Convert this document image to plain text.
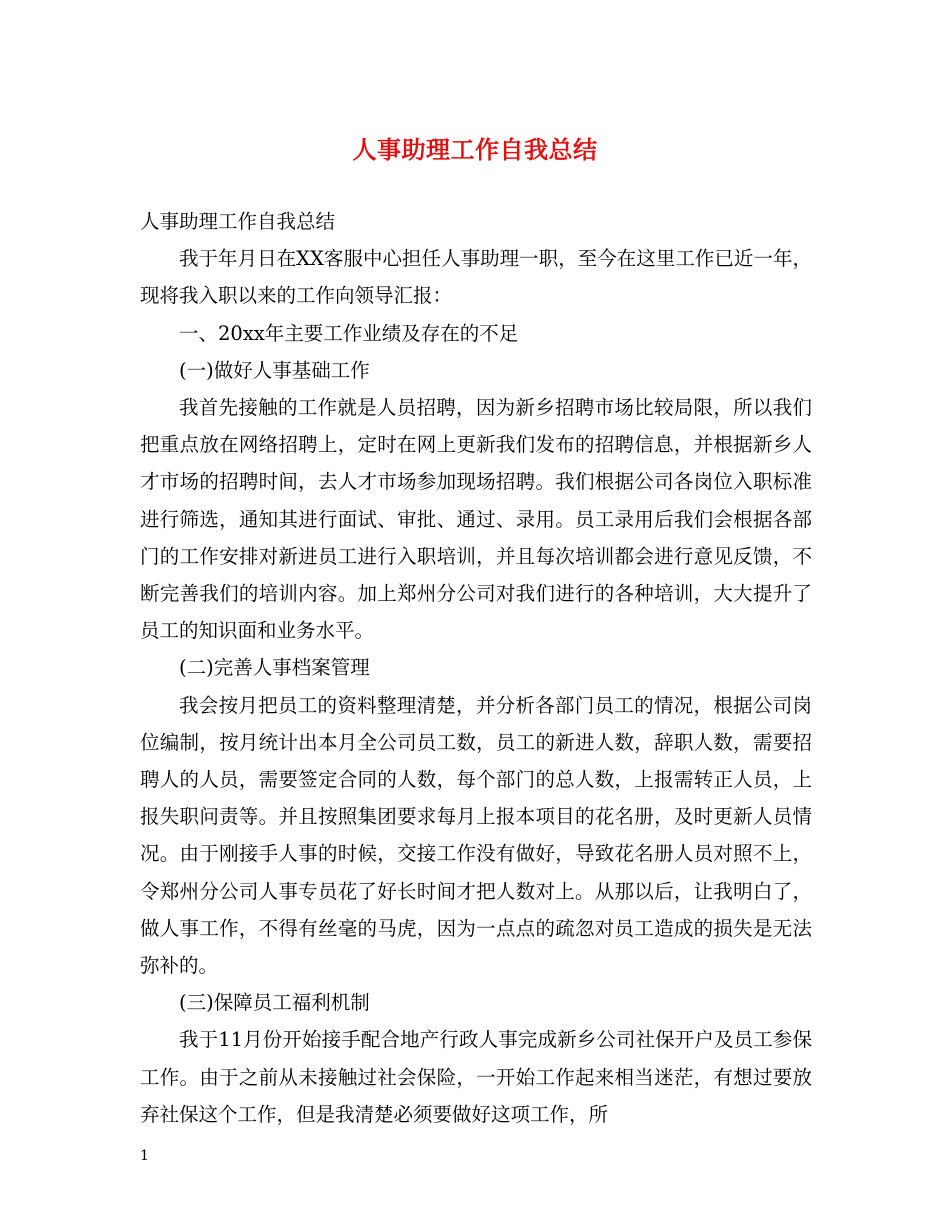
人事助理工作自我总结

人事助理工作自我总结

我于年月日在XX客服中心担任人事助理一职，至今在这里工作已近一年，现将我入职以来的工作向领导汇报：

一、20xx年主要工作业绩及存在的不足

(一)做好人事基础工作

我首先接触的工作就是人员招聘，因为新乡招聘市场比较局限，所以我们把重点放在网络招聘上，定时在网上更新我们发布的招聘信息，并根据新乡人才市场的招聘时间，去人才市场参加现场招聘。我们根据公司各岗位入职标准进行筛选，通知其进行面试、审批、通过、录用。员工录用后我们会根据各部门的工作安排对新进员工进行入职培训，并且每次培训都会进行意见反馈，不断完善我们的培训内容。加上郑州分公司对我们进行的各种培训，大大提升了员工的知识面和业务水平。

(二)完善人事档案管理

我会按月把员工的资料整理清楚，并分析各部门员工的情况，根据公司岗位编制，按月统计出本月全公司员工数，员工的新进人数，辞职人数，需要招聘人的人员，需要签定合同的人数，每个部门的总人数，上报需转正人员，上报失职问责等。并且按照集团要求每月上报本项目的花名册，及时更新人员情况。由于刚接手人事的时候，交接工作没有做好，导致花名册人员对照不上，令郑州分公司人事专员花了好长时间才把人数对上。从那以后，让我明白了，做人事工作，不得有丝毫的马虎，因为一点点的疏忽对员工造成的损失是无法弥补的。

(三)保障员工福利机制

我于11月份开始接手配合地产行政人事完成新乡公司社保开户及员工参保工作。由于之前从未接触过社会保险，一开始工作起来相当迷茫，有想过要放弃社保这个工作，但是我清楚必须要做好这项工作，所

1
